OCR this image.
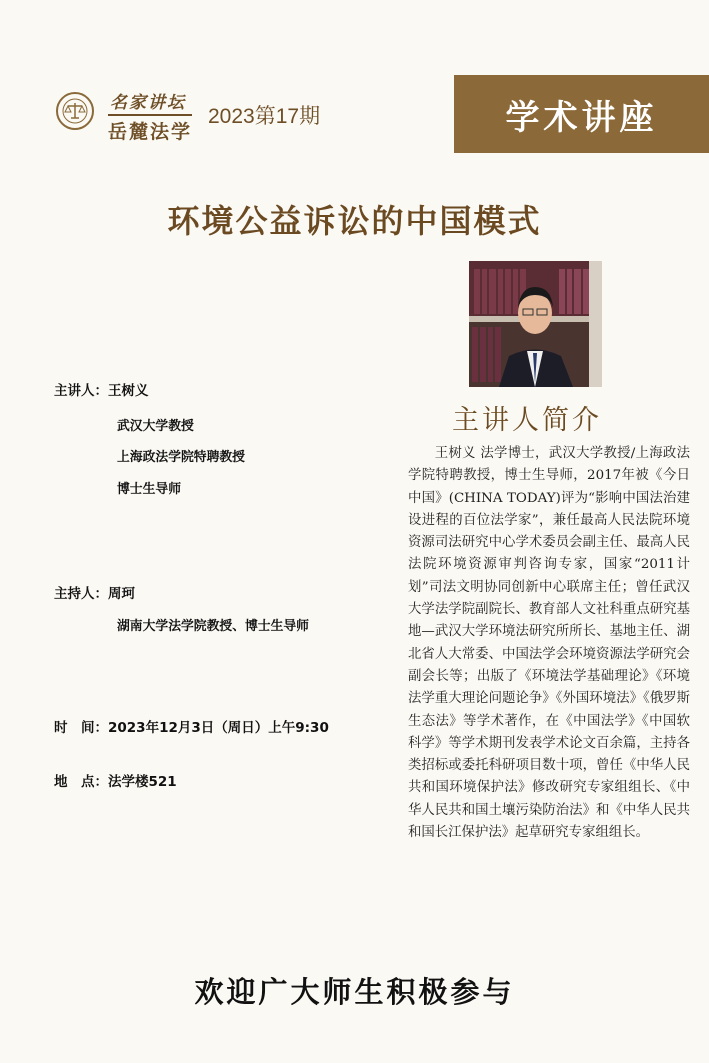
名家讲坛
岳麓法学
2023第17期	学术讲座
环境公益诉讼的中国模式
主讲人简介

王树义 法学博士，武汉大学教授/上海政法学院特聘教授，博士生导师，2017年被《今日中国》(CHINA TODAY)评为“影响中国法治建设进程的百位法学家”，兼任最高人民法院环境资源司法研究中心学术委员会副主任、最高人民法院环境资源审判咨询专家，国家“2011计划”司法文明协同创新中心联席主任；曾任武汉大学法学院副院长、教育部人文社科重点研究基地—武汉大学环境法研究所所长、基地主任、湖北省人大常委、中国法学会环境资源法学研究会副会长等；出版了《环境法学基础理论》《环境法学重大理论问题论争》《外国环境法》《俄罗斯生态法》等学术著作，在《中国法学》《中国软科学》等学术期刊发表学术论文百余篇，主持各类招标或委托科研项目数十项，曾任《中华人民共和国环境保护法》修改研究专家组组长、《中华人民共和国土壤污染防治法》和《中华人民共和国长江保护法》起草研究专家组组长。

主讲人：王树义
武汉大学教授
上海政法学院特聘教授
博士生导师
主持人：周珂
湖南大学法学院教授、博士生导师
时　间：2023年12月3日（周日）上午9:30
地　点：法学楼521
欢迎广大师生积极参与
